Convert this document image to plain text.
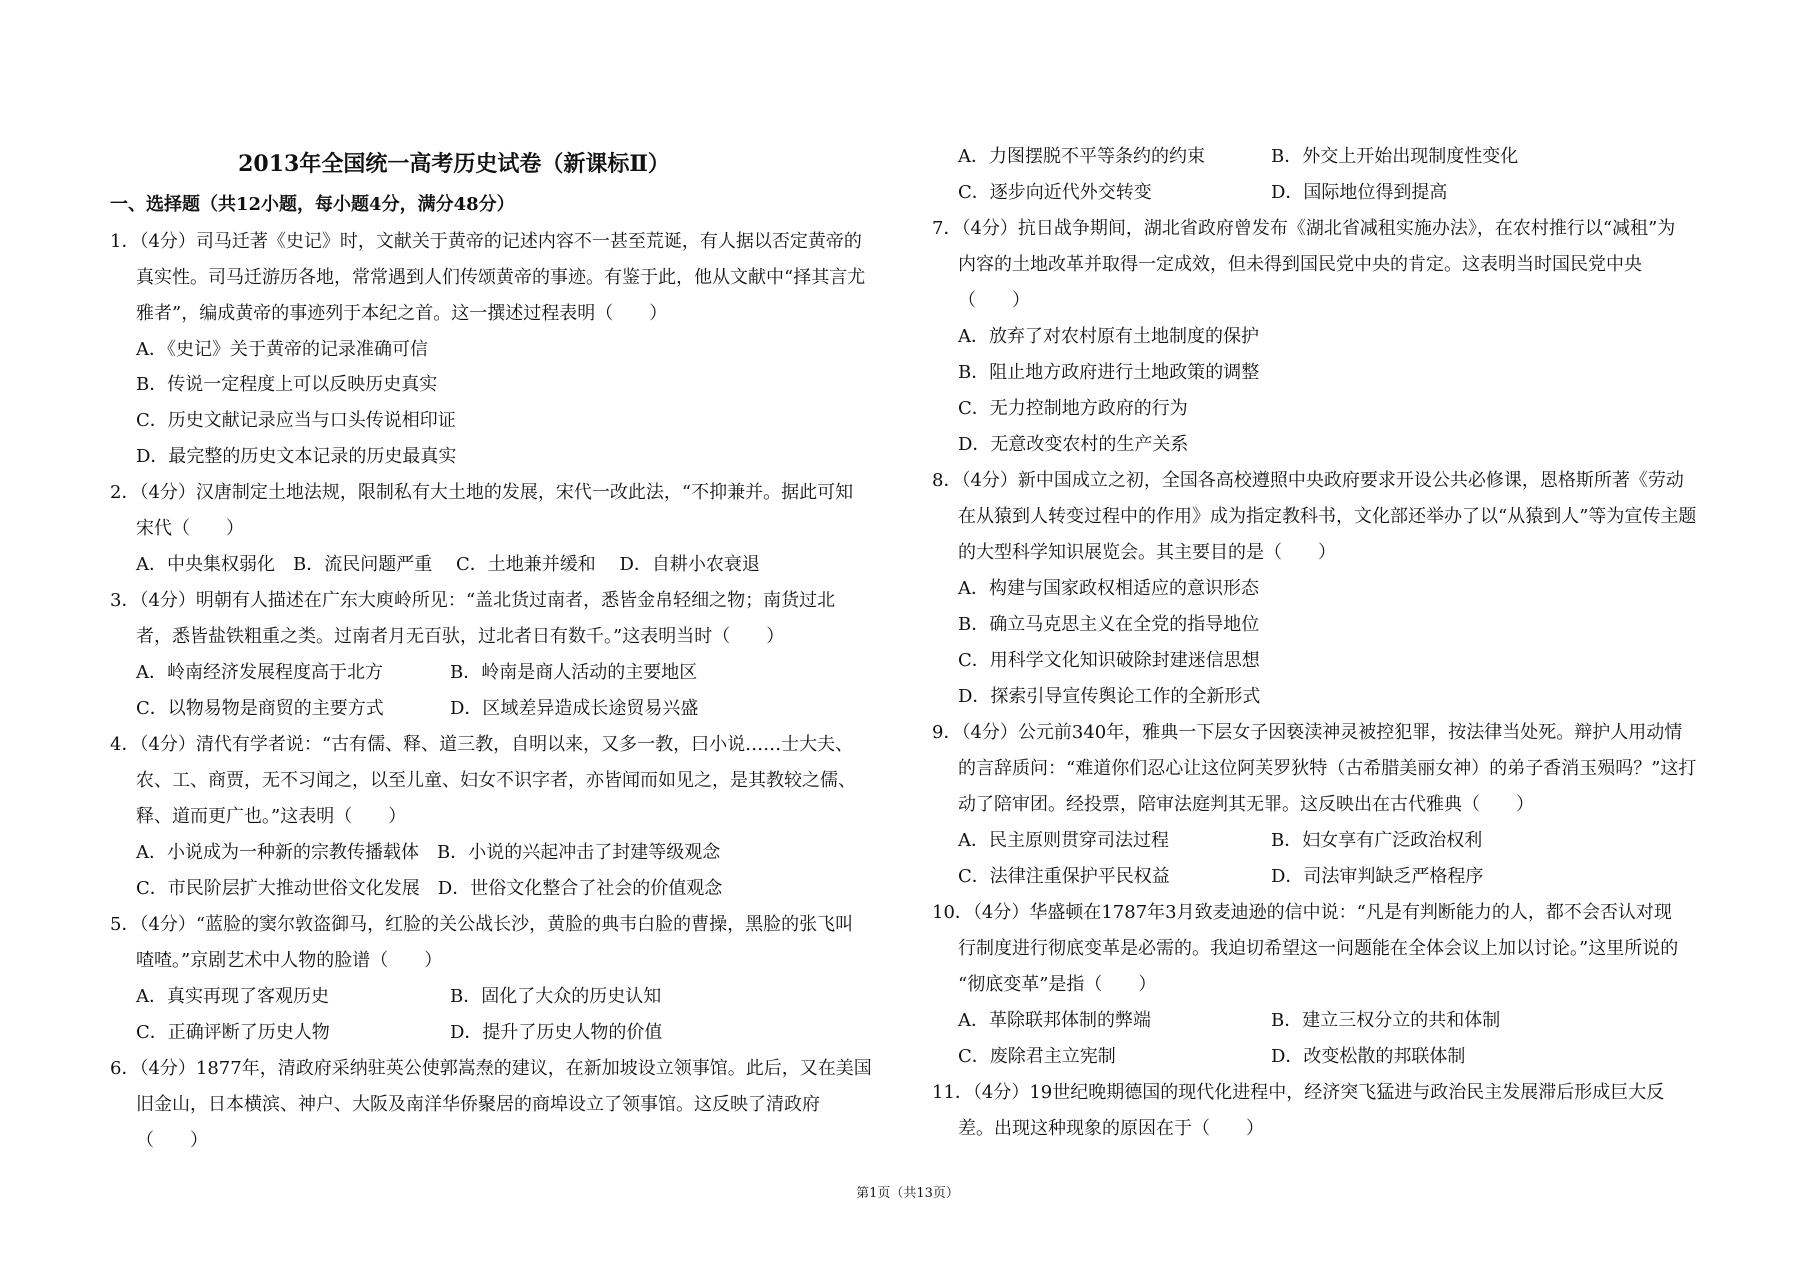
2013年全国统一高考历史试卷（新课标Ⅱ）
一、选择题（共12小题，每小题4分，满分48分）
1．（4分）司马迁著《史记》时，文献关于黄帝的记述内容不一甚至荒诞，有人据以否定黄帝的
真实性。司马迁游历各地，常常遇到人们传颂黄帝的事迹。有鉴于此，他从文献中“择其言尤
雅者”，编成黄帝的事迹列于本纪之首。这一撰述过程表明（　　）
A．《史记》关于黄帝的记录准确可信
B．传说一定程度上可以反映历史真实
C．历史文献记录应当与口头传说相印证
D．最完整的历史文本记录的历史最真实
2．（4分）汉唐制定土地法规，限制私有大土地的发展，宋代一改此法，“不抑兼并。据此可知
宋代（　　）
A．中央集权弱化　B．流民问题严重　 C．土地兼并缓和　 D．自耕小农衰退
3．（4分）明朝有人描述在广东大庾岭所见：“盖北货过南者，悉皆金帛轻细之物；南货过北
者，悉皆盐铁粗重之类。过南者月无百驮，过北者日有数千。”这表明当时（　　）
A．岭南经济发展程度高于北方	B．岭南是商人活动的主要地区
C．以物易物是商贸的主要方式	D．区域差异造成长途贸易兴盛
4．（4分）清代有学者说：“古有儒、释、道三教，自明以来，又多一教，曰小说……士大夫、
农、工、商贾，无不习闻之，以至儿童、妇女不识字者，亦皆闻而如见之，是其教较之儒、
释、道而更广也。”这表明（　　）
A．小说成为一种新的宗教传播载体　B．小说的兴起冲击了封建等级观念
C．市民阶层扩大推动世俗文化发展　D．世俗文化整合了社会的价值观念
5．（4分）“蓝脸的窦尔敦盗御马，红脸的关公战长沙，黄脸的典韦白脸的曹操，黑脸的张飞叫
喳喳。”京剧艺术中人物的脸谱（　　）
A．真实再现了客观历史	B．固化了大众的历史认知
C．正确评断了历史人物	D．提升了历史人物的价值
6．（4分）1877年，清政府采纳驻英公使郭嵩焘的建议，在新加坡设立领事馆。此后，又在美国
旧金山，日本横滨、神户、大阪及南洋华侨聚居的商埠设立了领事馆。这反映了清政府
（　　）
A．力图摆脱不平等条约的约束	B．外交上开始出现制度性变化
C．逐步向近代外交转变	D．国际地位得到提高
7．（4分）抗日战争期间，湖北省政府曾发布《湖北省减租实施办法》，在农村推行以“减租”为
内容的土地改革并取得一定成效，但未得到国民党中央的肯定。这表明当时国民党中央
（　　）
A．放弃了对农村原有土地制度的保护
B．阻止地方政府进行土地政策的调整
C．无力控制地方政府的行为
D．无意改变农村的生产关系
8．（4分）新中国成立之初，全国各高校遵照中央政府要求开设公共必修课，恩格斯所著《劳动
在从猿到人转变过程中的作用》成为指定教科书，文化部还举办了以“从猿到人”等为宣传主题
的大型科学知识展览会。其主要目的是（　　）
A．构建与国家政权相适应的意识形态
B．确立马克思主义在全党的指导地位
C．用科学文化知识破除封建迷信思想
D．探索引导宣传舆论工作的全新形式
9．（4分）公元前340年，雅典一下层女子因亵渎神灵被控犯罪，按法律当处死。辩护人用动情
的言辞质问：“难道你们忍心让这位阿芙罗狄特（古希腊美丽女神）的弟子香消玉殒吗？”这打
动了陪审团。经投票，陪审法庭判其无罪。这反映出在古代雅典（　　）
A．民主原则贯穿司法过程	B．妇女享有广泛政治权利
C．法律注重保护平民权益	D．司法审判缺乏严格程序
10．（4分）华盛顿在1787年3月致麦迪逊的信中说：“凡是有判断能力的人，都不会否认对现
行制度进行彻底变革是必需的。我迫切希望这一问题能在全体会议上加以讨论。”这里所说的
“彻底变革”是指（　　）
A．革除联邦体制的弊端	B．建立三权分立的共和体制
C．废除君主立宪制	D．改变松散的邦联体制
11．（4分）19世纪晚期德国的现代化进程中，经济突飞猛进与政治民主发展滞后形成巨大反
差。出现这种现象的原因在于（　　）
第1页（共13页）
